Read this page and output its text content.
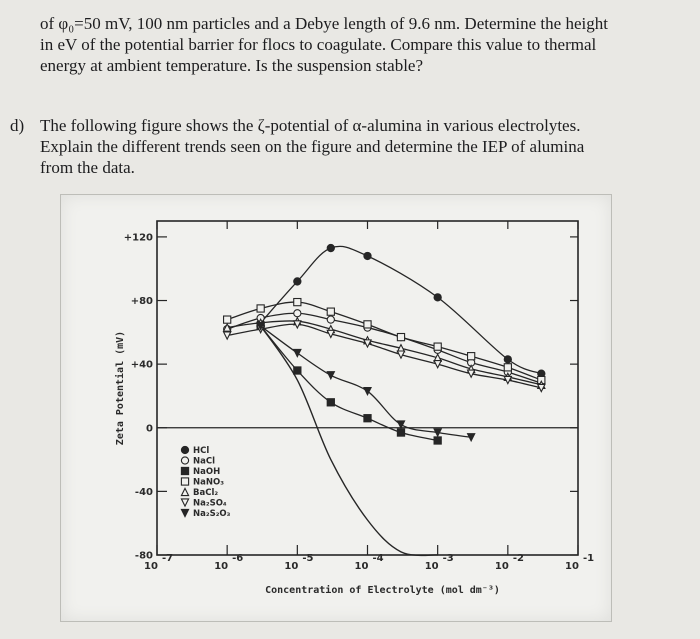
of φ₀=50 mV, 100 nm particles and a Debye length of 9.6 nm. Determine the height
in eV of the potential barrier for flocs to coagulate. Compare this value to thermal
energy at ambient temperature. Is the suspension stable?
d) The following figure shows the ζ-potential of α-alumina in various electrolytes.
Explain the different trends seen on the figure and determine the IEP of alumina
from the data.
+120
+80
+40
0
-40
-80
10
-7
10
-6
10
-5
10
-4
10
-3
10
-2
10
-1
Concentration of Electrolyte (mol dm⁻³)
Zeta Potential (mV)
HCl
NaCl
NaOH
NaNO₃
BaCl₂
Na₂SO₄
Na₂S₂O₃
